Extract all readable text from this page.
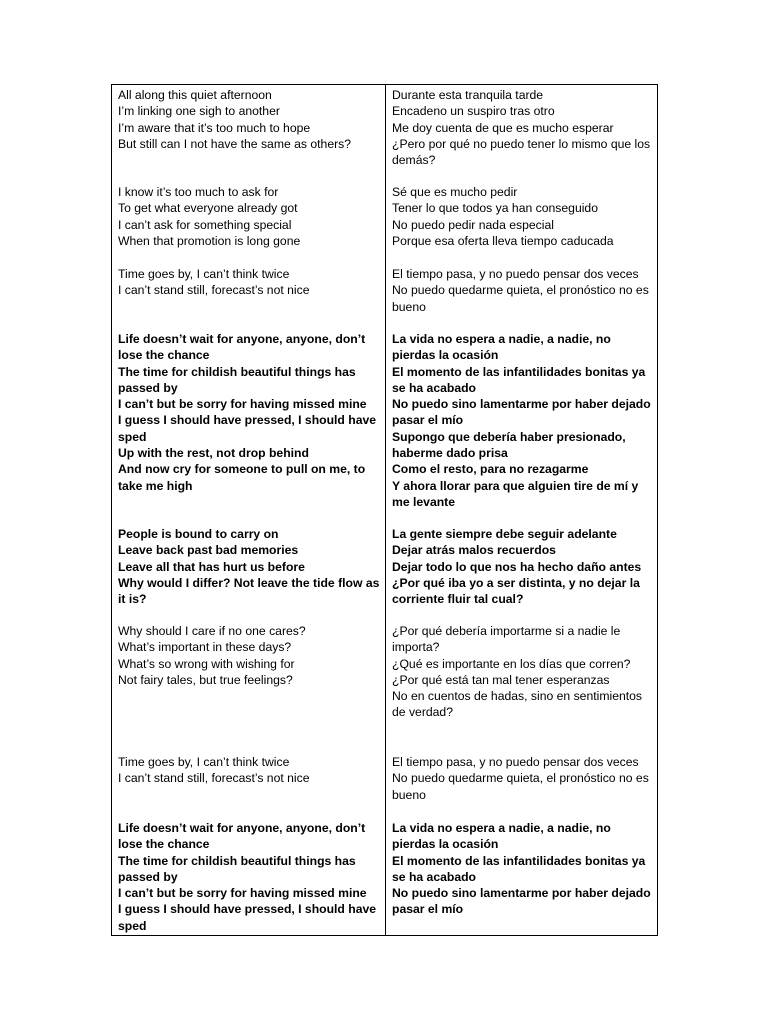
All along this quiet afternoon
I’m linking one sigh to another
I’m aware that it’s too much to hope
But still can I not have the same as others?
I know it’s too much to ask for
To get what everyone already got
I can’t ask for something special
When that promotion is long gone
Time goes by, I can’t think twice
I can’t stand still, forecast’s not nice
Life doesn’t wait for anyone, anyone, don’t lose the chance
The time for childish beautiful things has passed by
I can’t but be sorry for having missed mine
I guess I should have pressed, I should have sped
Up with the rest, not drop behind
And now cry for someone to pull on me, to take me high
People is bound to carry on
Leave back past bad memories
Leave all that has hurt us before
Why would I differ? Not leave the tide flow as it is?
Why should I care if no one cares?
What’s important in these days?
What’s so wrong with wishing for
Not fairy tales, but true feelings?
Time goes by, I can’t think twice
I can’t stand still, forecast’s not nice
Life doesn’t wait for anyone, anyone, don’t lose the chance
The time for childish beautiful things has passed by
I can’t but be sorry for having missed mine
I guess I should have pressed, I should have sped
Durante esta tranquila tarde
Encadeno un suspiro tras otro
Me doy cuenta de que es mucho esperar
¿Pero por qué no puedo tener lo mismo que los demás?
Sé que es mucho pedir
Tener lo que todos ya han conseguido
No puedo pedir nada especial
Porque esa oferta lleva tiempo caducada
El tiempo pasa, y no puedo pensar dos veces
No puedo quedarme quieta, el pronóstico no es bueno
La vida no espera a nadie, a nadie, no pierdas la ocasión
El momento de las infantilidades bonitas ya se ha acabado
No puedo sino lamentarme por haber dejado pasar el mío
Supongo que debería haber presionado, haberme dado prisa
Como el resto, para no rezagarme
Y ahora llorar para que alguien tire de mí y me levante
La gente siempre debe seguir adelante
Dejar atrás malos recuerdos
Dejar todo lo que nos ha hecho daño antes
¿Por qué iba yo a ser distinta, y no dejar la corriente fluir tal cual?
¿Por qué debería importarme si a nadie le importa?
¿Qué es importante en los días que corren?
¿Por qué está tan mal tener esperanzas
No en cuentos de hadas, sino en sentimientos de verdad?
El tiempo pasa, y no puedo pensar dos veces
No puedo quedarme quieta, el pronóstico no es bueno
La vida no espera a nadie, a nadie, no pierdas la ocasión
El momento de las infantilidades bonitas ya se ha acabado
No puedo sino lamentarme por haber dejado pasar el mío
